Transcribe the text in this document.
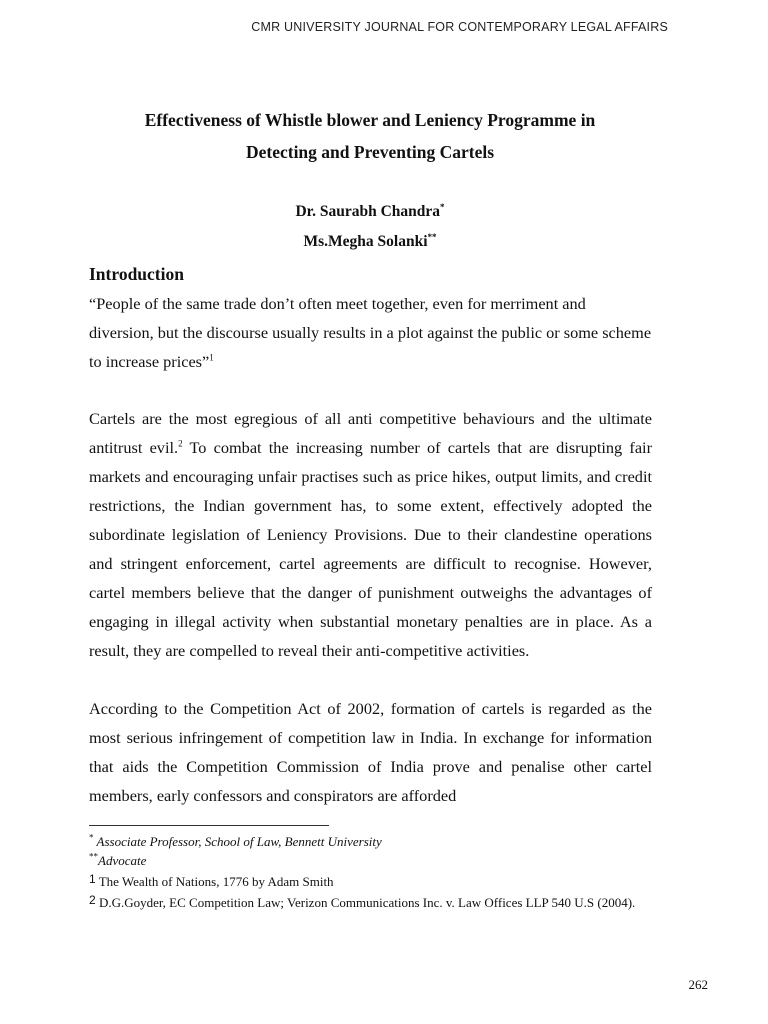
CMR UNIVERSITY JOURNAL FOR CONTEMPORARY LEGAL AFFAIRS
Effectiveness of Whistle blower and Leniency Programme in
Detecting and Preventing Cartels
Dr. Saurabh Chandra*
Ms.Megha Solanki**
Introduction

“People of the same trade don’t often meet together, even for merriment and diversion, but the discourse usually results in a plot against the public or some scheme to increase prices”$^1$

Cartels are the most egregious of all anti competitive behaviours and the ultimate antitrust evil.$^2$ To combat the increasing number of cartels that are disrupting fair markets and encouraging unfair practises such as price hikes, output limits, and credit restrictions, the Indian government has, to some extent, effectively adopted the subordinate legislation of Leniency Provisions. Due to their clandestine operations and stringent enforcement, cartel agreements are difficult to recognise. However, cartel members believe that the danger of punishment outweighs the advantages of engaging in illegal activity when substantial monetary penalties are in place. As a result, they are compelled to reveal their anti-competitive activities.

According to the Competition Act of 2002, formation of cartels is regarded as the most serious infringement of competition law in India. In exchange for information that aids the Competition Commission of India prove and penalise other cartel members, early confessors and conspirators are afforded

* Associate Professor, School of Law, Bennett University
**Advocate
1 The Wealth of Nations, 1776 by Adam Smith
2 D.G.Goyder, EC Competition Law; Verizon Communications Inc. v. Law Offices LLP 540 U.S (2004).
262
